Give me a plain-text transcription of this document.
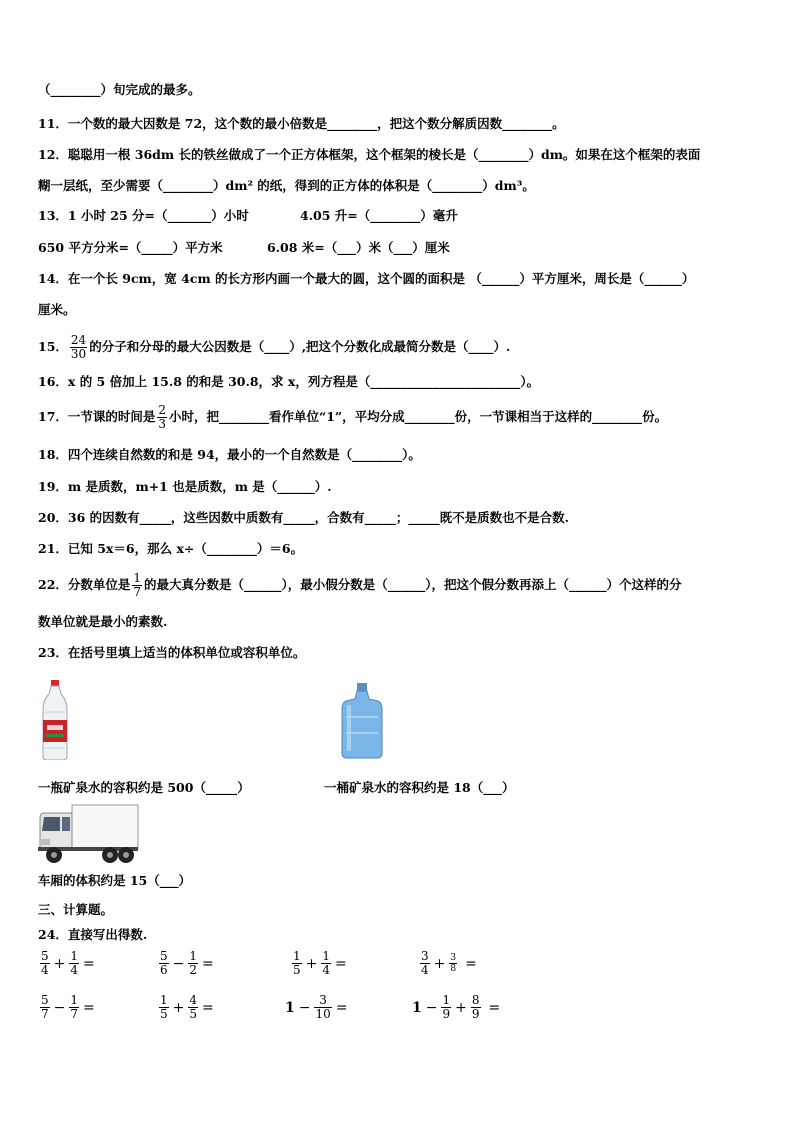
（________）旬完成的最多。
11．一个数的最大因数是 72，这个数的最小倍数是________，把这个数分解质因数________。
12．聪聪用一根 36dm 长的铁丝做成了一个正方体框架，这个框架的棱长是（________）dm。如果在这个框架的表面
糊一层纸，至少需要（________）dm² 的纸，得到的正方体的体积是（________）dm³。
13．1 小时 25 分=（_______）小时	4.05 升=（________）毫升
650 平方分米=（_____）平方米	6.08 米=（___）米（___）厘米
14．在一个长 9cm，宽 4cm 的长方形内画一个最大的圆，这个圆的面积是 （______）平方厘米，周长是（______）
厘米。
15． $\frac{24}{30}$ 的分子和分母的最大公因数是（____）,把这个分数化成最简分数是（____）.
16．x 的 5 倍加上 15.8 的和是 30.8，求 x，列方程是（________________________）。
17．一节课的时间是 $\frac{2}{3}$ 小时，把________看作单位“1”，平均分成________份，一节课相当于这样的________份。
18．四个连续自然数的和是 94，最小的一个自然数是（________）。
19．m 是质数，m+1 也是质数，m 是（______）.
20．36 的因数有_____，这些因数中质数有_____，合数有_____；_____既不是质数也不是合数.
21．已知 5x＝6，那么 x÷（________）＝6。
22．分数单位是 $\frac{1}{7}$ 的最大真分数是（______），最小假分数是（______），把这个假分数再添上（______）个这样的分
数单位就是最小的素数.
23．在括号里填上适当的体积单位或容积单位。
一瓶矿泉水的容积约是 500（_____）	一桶矿泉水的容积约是 18（___）
车厢的体积约是 15（___）
三、计算题。
24．直接写出得数.
$\frac{5}{4} + \frac{1}{4}$ =	$\frac{5}{6} - \frac{1}{2}$ =	$\frac{1}{5} + \frac{1}{4}$ =	$\frac{3}{4} + \frac{3}{8}$ =
$\frac{5}{7} - \frac{1}{7}$ =	$\frac{1}{5} + \frac{4}{5}$ =	$1 - \frac{3}{10}$ =	$1 - \frac{1}{9} + \frac{8}{9}$ =
